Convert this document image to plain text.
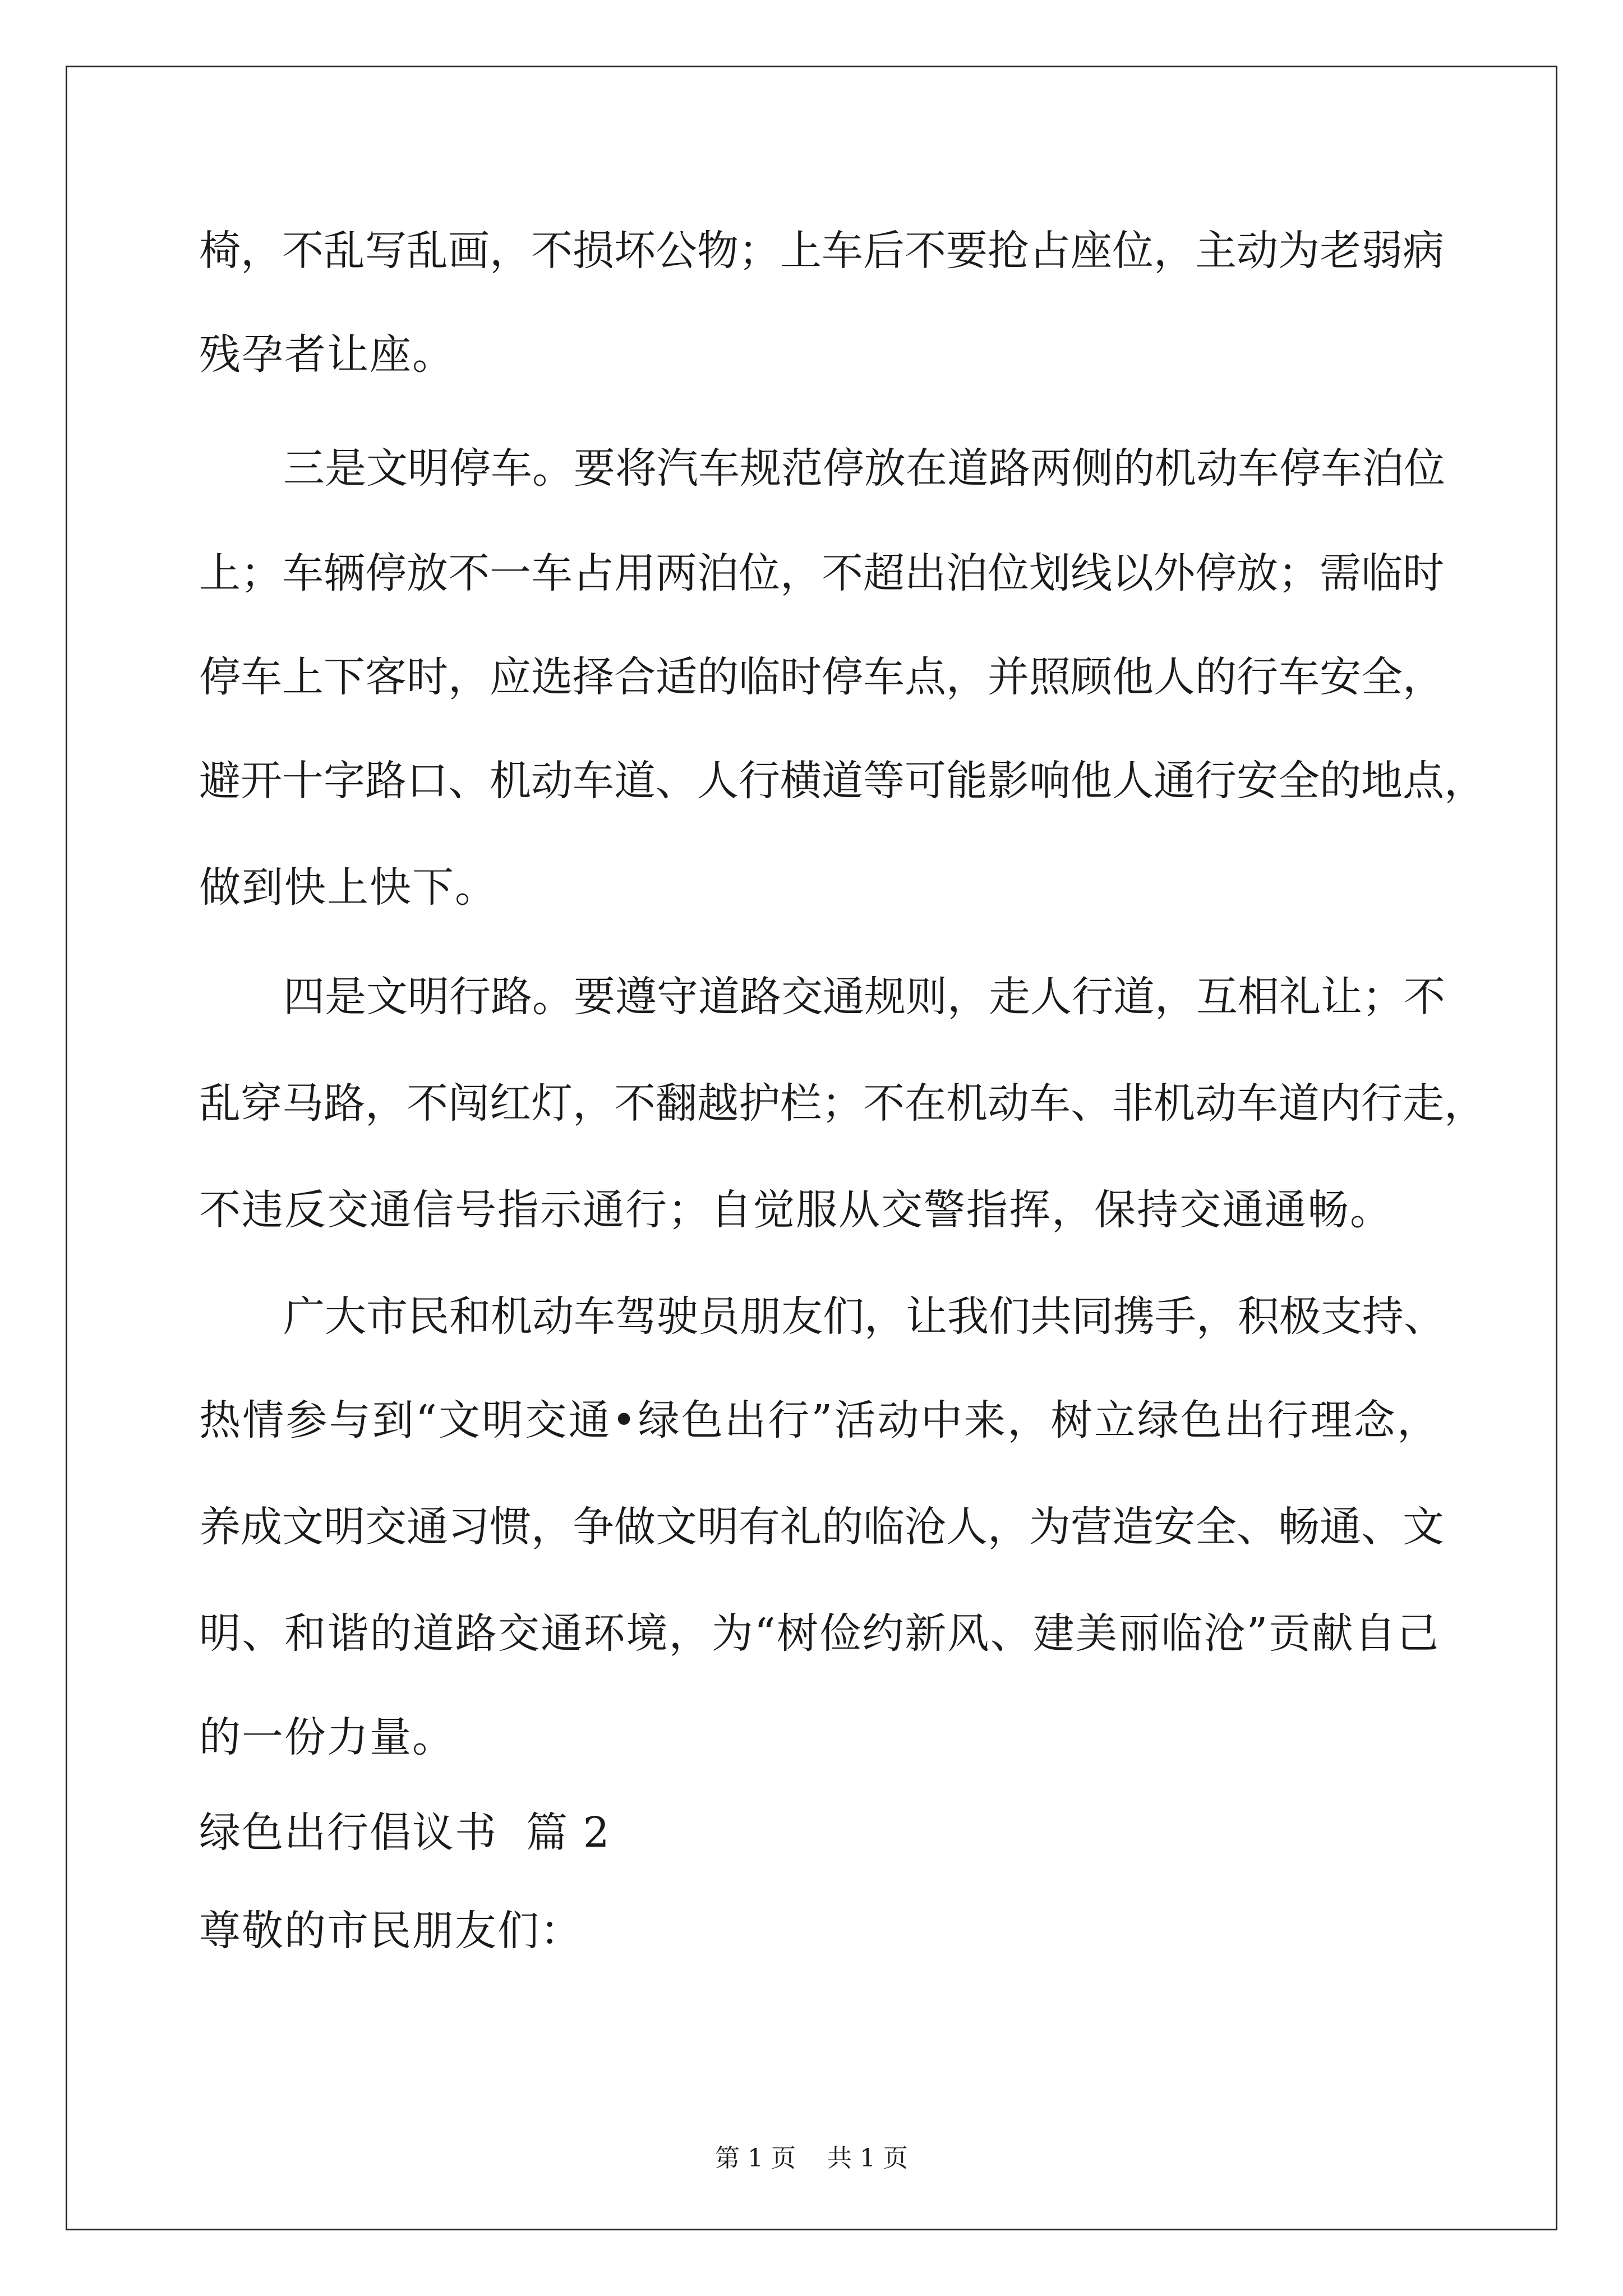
椅，不乱写乱画，不损坏公物；上车后不要抢占座位，主动为老弱病
残孕者让座。
三是文明停车。要将汽车规范停放在道路两侧的机动车停车泊位
上；车辆停放不一车占用两泊位，不超出泊位划线以外停放；需临时
停车上下客时，应选择合适的临时停车点，并照顾他人的行车安全，
避开十字路口、机动车道、人行横道等可能影响他人通行安全的地点，
做到快上快下。
四是文明行路。要遵守道路交通规则，走人行道，互相礼让；不
乱穿马路，不闯红灯，不翻越护栏；不在机动车、非机动车道内行走，
不违反交通信号指示通行；自觉服从交警指挥，保持交通通畅。
广大市民和机动车驾驶员朋友们，让我们共同携手，积极支持、
热情参与到“文明交通•绿色出行”活动中来，树立绿色出行理念，
养成文明交通习惯，争做文明有礼的临沧人，为营造安全、畅通、文
明、和谐的道路交通环境，为“树俭约新风、建美丽临沧”贡献自己
的一份力量。
绿色出行倡议书  篇 2
尊敬的市民朋友们：
第 1 页    共 1 页
